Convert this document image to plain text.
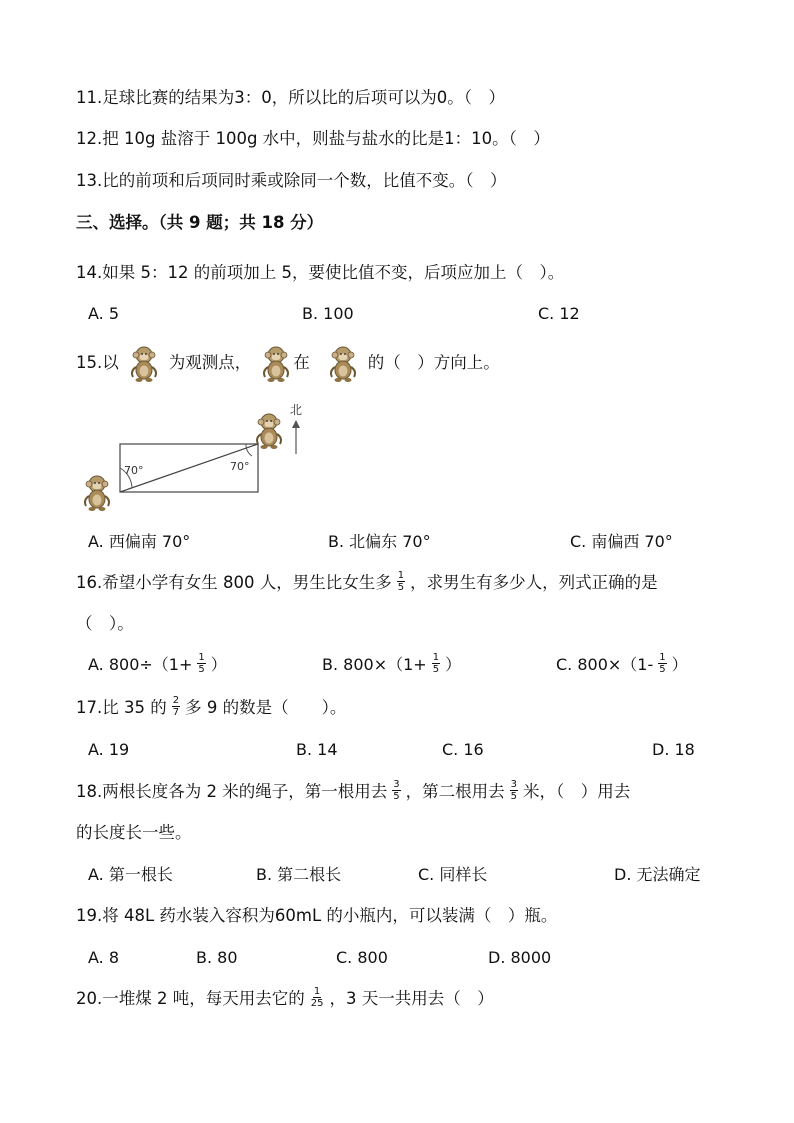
11.足球比赛的结果为3：0，所以比的后项可以为0。（　）
12.把 10g 盐溶于 100g 水中，则盐与盐水的比是1：10。（　）
13.比的前项和后项同时乘或除同一个数，比值不变。（　）
三、选择。（共 9 题；共 18 分）
14.如果 5：12 的前项加上 5，要使比值不变，后项应加上（　）。
A. 5	B. 100	C. 12
15.以	为观测点，	在	的（　）方向上。
70°	70°
北
A. 西偏南 70°	B. 北偏东 70°	C. 南偏西 70°
16.希望小学有女生 800 人，男生比女生多 $\frac{1}{5}$ ，求男生有多少人，列式正确的是
（　）。
A. $800\div(1+ \frac{1}{5}$ ）	B. $800\times(1+ \frac{1}{5}$ ）	C. $800\times(1- \frac{1}{5}$ ）
17.比 35 的 $\frac{2}{7}$ 多 9 的数是（　　）。
A. 19	B. 14	C. 16	D. 18
18.两根长度各为 2 米的绳子，第一根用去 $\frac{3}{5}$ ，第二根用去 $\frac{3}{5}$ 米，（　）用去
的长度长一些。
A. 第一根长	B. 第二根长	C. 同样长	D. 无法确定
19.将 48L 药水装入容积为60mL 的小瓶内，可以装满（　）瓶。
A. 8	B. 80	C. 800	D. 8000
20.一堆煤 2 吨，每天用去它的 $\frac{1}{25}$ ，3 天一共用去（　）
